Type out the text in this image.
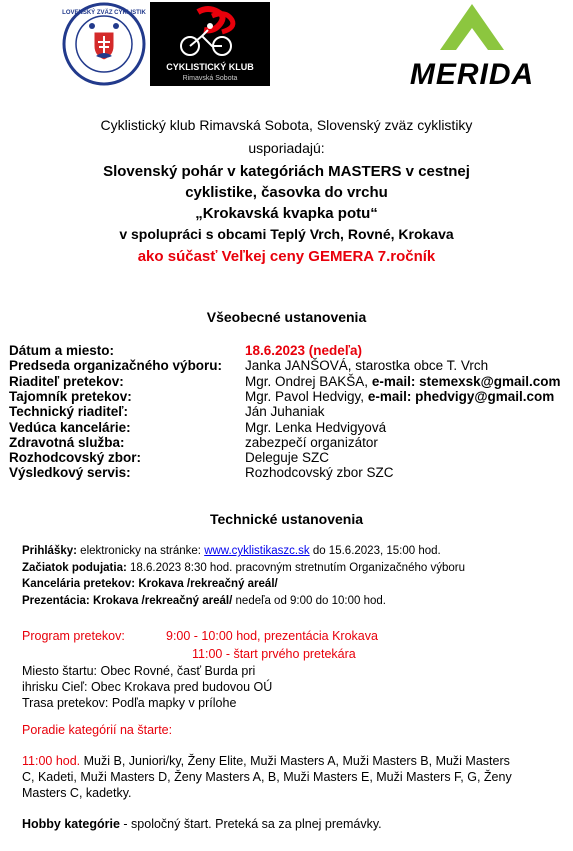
SLOVENSKÝ ZVÄZ CYKLISTIKY
CYKLISTICKÝ KLUB
Rimavská Sobota	MERIDA
Cyklistický klub Rimavská Sobota, Slovenský zväz cyklistiky
usporiadajú:
Slovenský pohár v kategóriách MASTERS v cestnej
cyklistike, časovka do vrchu
„Krokavská kvapka potu“
v spolupráci s obcami Teplý Vrch, Rovné, Krokava
ako súčasť Veľkej ceny GEMERA 7.ročník
Všeobecné ustanovenia
Dátum a miesto:	18.6.2023 (nedeľa)
Predseda organizačného výboru: Janka JANŠOVÁ, starostka obce T. Vrch
Riaditeľ pretekov:	Mgr. Ondrej BAKŠA, e-mail: stemexsk@gmail.com
Tajomník pretekov:	Mgr. Pavol Hedvigy, e-mail: phedvigy@gmail.com
Technický riaditeľ:	Ján Juhaniak
Vedúca kancelárie:	Mgr. Lenka Hedvigyová
Zdravotná služba:	zabezpečí organizátor
Rozhodcovský zbor:	Deleguje SZC
Výsledkový servis:	Rozhodcovský zbor SZC
Technické ustanovenia
Prihlášky: elektronicky na stránke: www.cyklistikaszc.sk do 15.6.2023, 15:00 hod.
Začiatok podujatia: 18.6.2023 8:30 hod. pracovným stretnutím Organizačného výboru
Kancelária pretekov: Krokava /rekreačný areál/
Prezentácia: Krokava /rekreačný areál/ nedeľa od 9:00 do 10:00 hod.
Program pretekov:	9:00 - 10:00 hod, prezentácia Krokava
11:00 - štart prvého pretekára
Miesto štartu: Obec Rovné, časť Burda pri
ihrisku Cieľ: Obec Krokava pred budovou OÚ
Trasa pretekov: Podľa mapky v prílohe
Poradie kategórií na štarte:
11:00 hod. Muži B, Juniori/ky, Ženy Elite, Muži Masters A, Muži Masters B, Muži Masters
C, Kadeti, Muži Masters D, Ženy Masters A, B, Muži Masters E, Muži Masters F, G, Ženy
Masters C, kadetky.
Hobby kategórie - spoločný štart. Preteká sa za plnej premávky.
